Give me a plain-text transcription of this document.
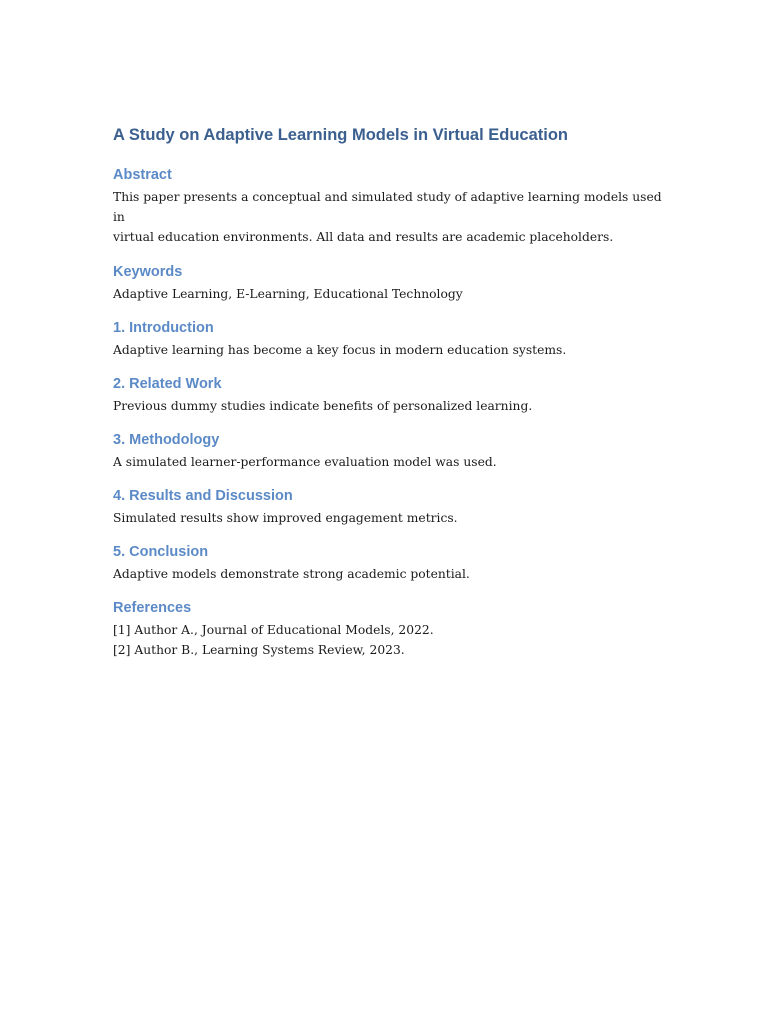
A Study on Adaptive Learning Models in Virtual Education
Abstract

This paper presents a conceptual and simulated study of adaptive learning models used in

virtual education environments. All data and results are academic placeholders.

Keywords

Adaptive Learning, E-Learning, Educational Technology

1. Introduction

Adaptive learning has become a key focus in modern education systems.

2. Related Work

Previous dummy studies indicate benefits of personalized learning.

3. Methodology

A simulated learner-performance evaluation model was used.

4. Results and Discussion

Simulated results show improved engagement metrics.

5. Conclusion

Adaptive models demonstrate strong academic potential.

References

[1] Author A., Journal of Educational Models, 2022.

[2] Author B., Learning Systems Review, 2023.
